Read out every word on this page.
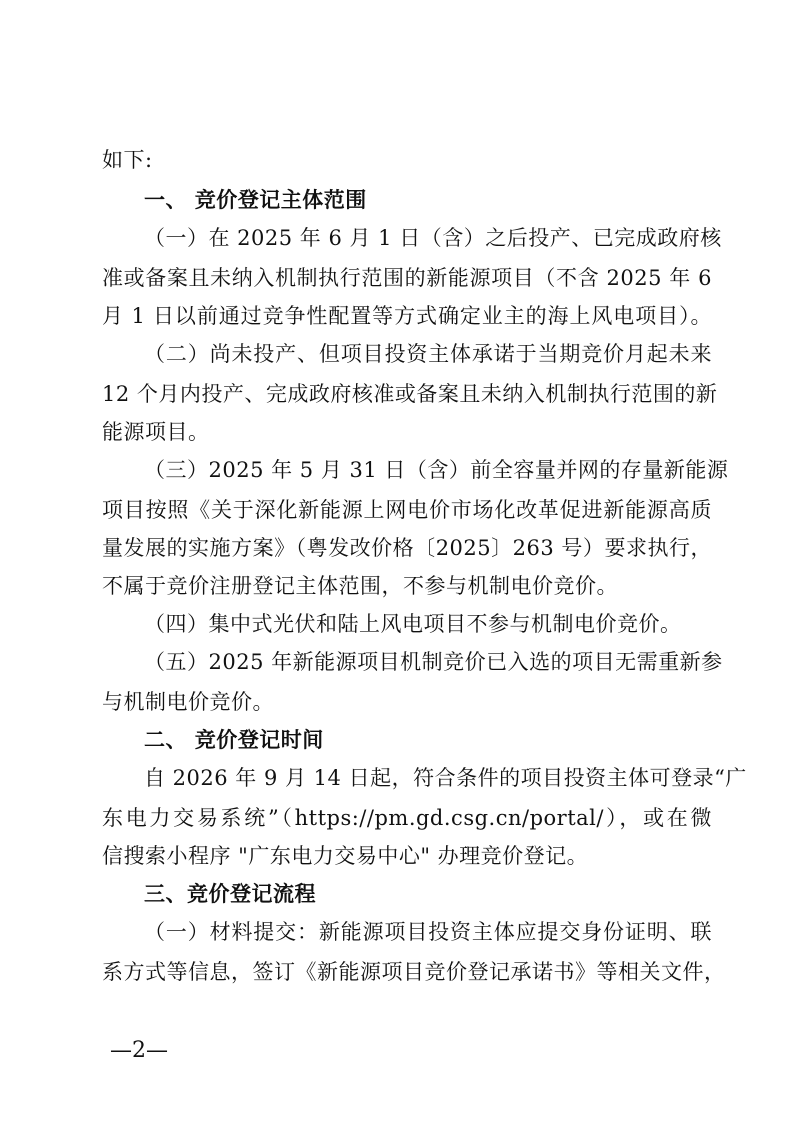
如下:
一、 竞价登记主体范围
（一）在 2025 年 6 月 1 日（含）之后投产、已完成政府核
准或备案且未纳入机制执行范围的新能源项目（不含 2025 年 6
月 1 日以前通过竞争性配置等方式确定业主的海上风电项目）。
（二）尚未投产、但项目投资主体承诺于当期竞价月起未来
12 个月内投产、完成政府核准或备案且未纳入机制执行范围的新
能源项目。
（三）2025 年 5 月 31 日（含）前全容量并网的存量新能源
项目按照《关于深化新能源上网电价市场化改革促进新能源高质
量发展的实施方案》（粤发改价格〔2025〕263 号）要求执行，
不属于竞价注册登记主体范围，不参与机制电价竞价。
（四）集中式光伏和陆上风电项目不参与机制电价竞价。
（五）2025 年新能源项目机制竞价已入选的项目无需重新参
与机制电价竞价。
二、 竞价登记时间
自 2026 年 9 月 14 日起，符合条件的项目投资主体可登录“广
东电力交易系统”（https://pm.gd.csg.cn/portal/），或在微
信搜索小程序 "广东电力交易中心" 办理竞价登记。
三、竞价登记流程
（一）材料提交：新能源项目投资主体应提交身份证明、联
系方式等信息，签订《新能源项目竞价登记承诺书》等相关文件，
—2—
